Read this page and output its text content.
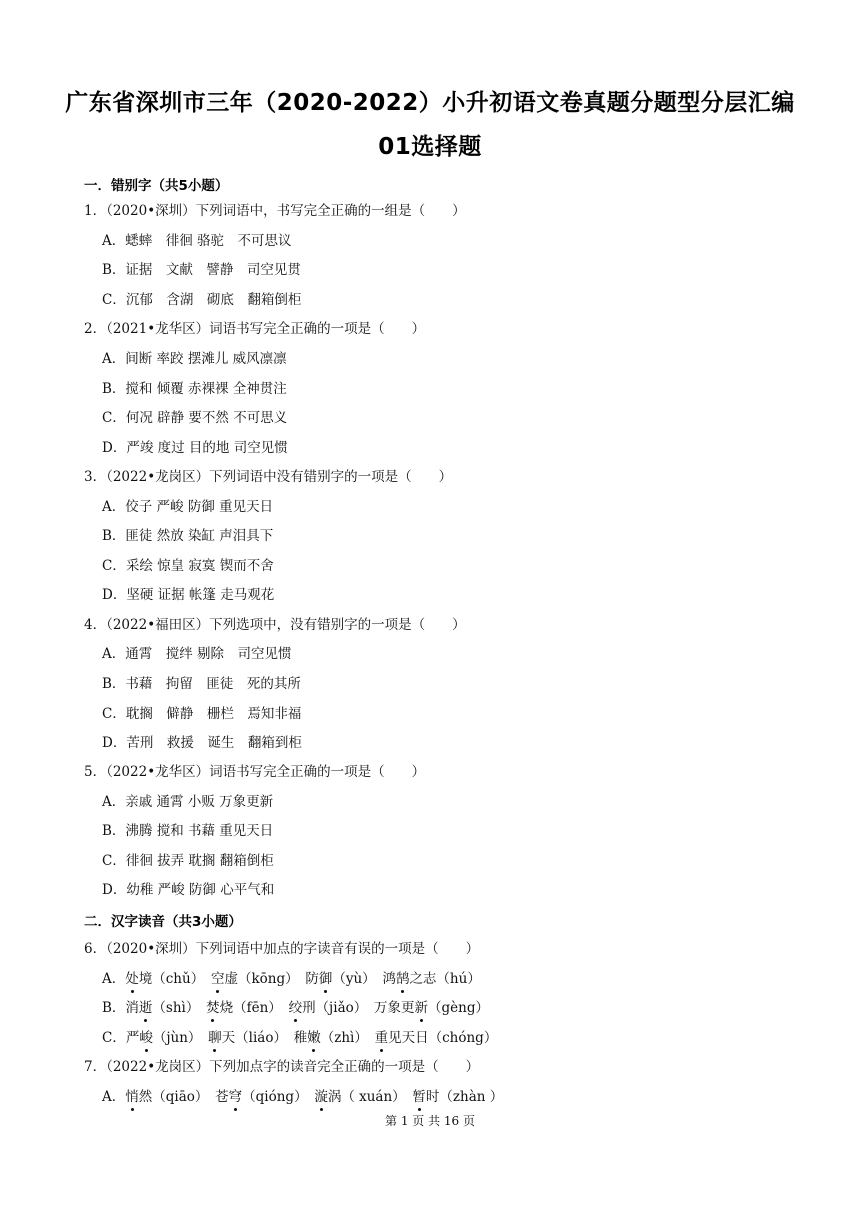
广东省深圳市三年（2020-2022）小升初语文卷真题分题型分层汇编
01选择题
一．错别字（共5小题）
1．（2020•深圳）下列词语中，书写完全正确的一组是（　　）
A．蟋蟀　徘徊 骆驼　不可思议
B．证据　文献　譬静　司空见贯
C．沉郁　含湖　砌底　翻箱倒柜
2．（2021•龙华区）词语书写完全正确的一项是（　　）
A．间断 率跤 摆滩儿 威风凛凛
B．搅和 倾覆 赤裸裸 全神贯注
C．何况 辟静 要不然 不可思义
D．严竣 度过 目的地 司空见惯
3．（2022•龙岗区）下列词语中没有错别字的一项是（　　）
A．佼子 严峻 防御 重见天日
B．匪徒 然放 染缸 声泪具下
C．采绘 惊皇 寂寞 锲而不舍
D．坚硬 证据 帐篷 走马观花
4．（2022•福田区）下列选项中，没有错别字的一项是（　　）
A．通霄　搅绊 剔除　司空见惯
B．书藉　拘留　匪徒　死的其所
C．耽搁　僻静　栅栏　焉知非福
D．苦刑　救援　诞生　翻箱到柜
5．（2022•龙华区）词语书写完全正确的一项是（　　）
A．亲戚 通霄 小贩 万象更新
B．沸腾 搅和 书藉 重见天日
C．徘徊 拔弄 耽搁 翻箱倒柜
D．幼稚 严峻 防御 心平气和
二．汉字读音（共3小题）
6．（2020•深圳）下列词语中加点的字读音有误的一项是（　　）
A．处境（chǔ）　空虚（kōng）　防御（yù）　鸿鹄之志（hú）
B．消逝（shì）　焚烧（fēn）　绞刑（jiǎo）　万象更新（gèng）
C．严峻（jùn）　聊天（liáo）　稚嫩（zhì）　重见天日（chóng）
7．（2022•龙岗区）下列加点字的读音完全正确的一项是（　　）
A．悄然（qiāo）　苍穹（qióng）　漩涡（ xuán）　暂时（zhàn ）
第 1 页 共 16 页
